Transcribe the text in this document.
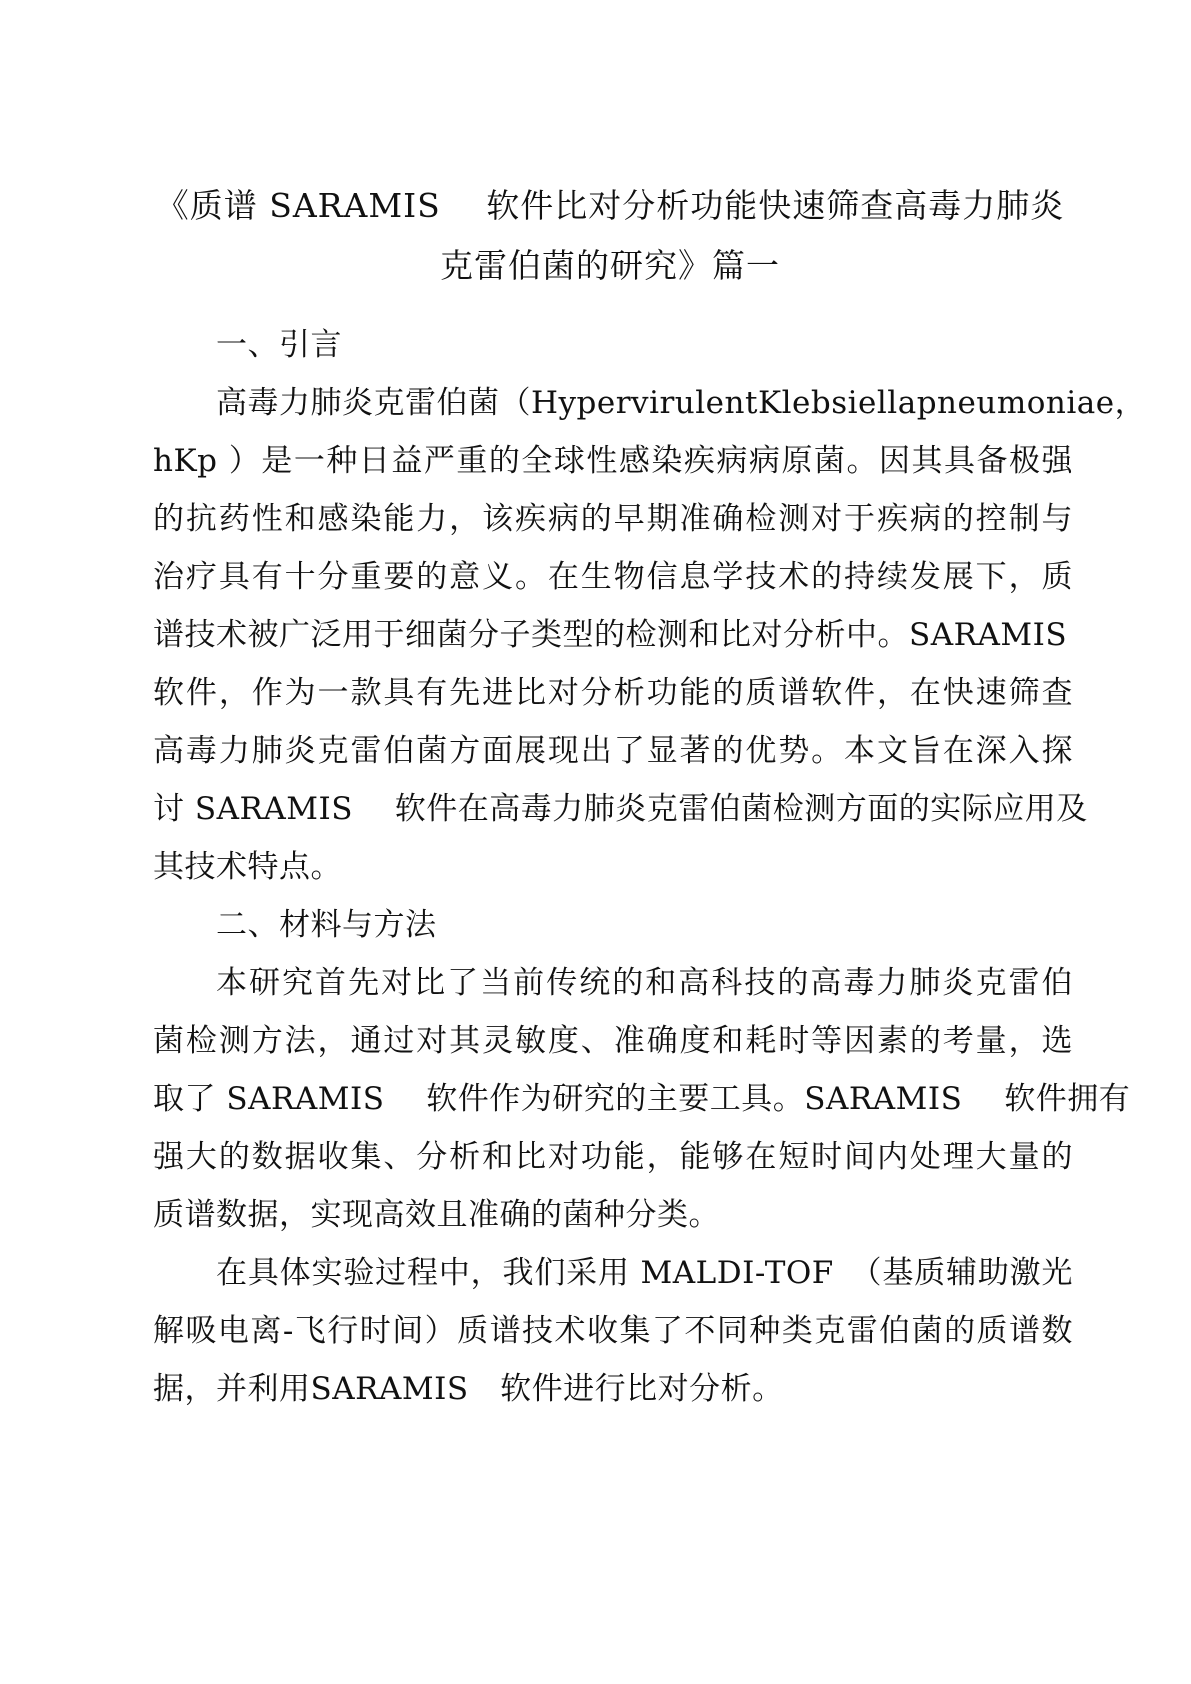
《质谱 SARAMIS　 软件比对分析功能快速筛查高毒力肺炎
克雷伯菌的研究》篇一
一、引言
高毒力肺炎克雷伯菌（HypervirulentKlebsiellapneumoniae，
hKp ）是一种日益严重的全球性感染疾病病原菌。因其具备极强
的抗药性和感染能力，该疾病的早期准确检测对于疾病的控制与
治疗具有十分重要的意义。在生物信息学技术的持续发展下，质
谱技术被广泛用于细菌分子类型的检测和比对分析中。SARAMIS
软件，作为一款具有先进比对分析功能的质谱软件，在快速筛查
高毒力肺炎克雷伯菌方面展现出了显著的优势。本文旨在深入探
讨 SARAMIS　 软件在高毒力肺炎克雷伯菌检测方面的实际应用及
其技术特点。
二、材料与方法
本研究首先对比了当前传统的和高科技的高毒力肺炎克雷伯
菌检测方法，通过对其灵敏度、准确度和耗时等因素的考量，选
取了 SARAMIS　 软件作为研究的主要工具。SARAMIS　 软件拥有
强大的数据收集、分析和比对功能，能够在短时间内处理大量的
质谱数据，实现高效且准确的菌种分类。
在具体实验过程中，我们采用 MALDI-TOF　（基质辅助激光
解吸电离-飞行时间）质谱技术收集了不同种类克雷伯菌的质谱数
据，并利用SARAMIS　软件进行比对分析。
